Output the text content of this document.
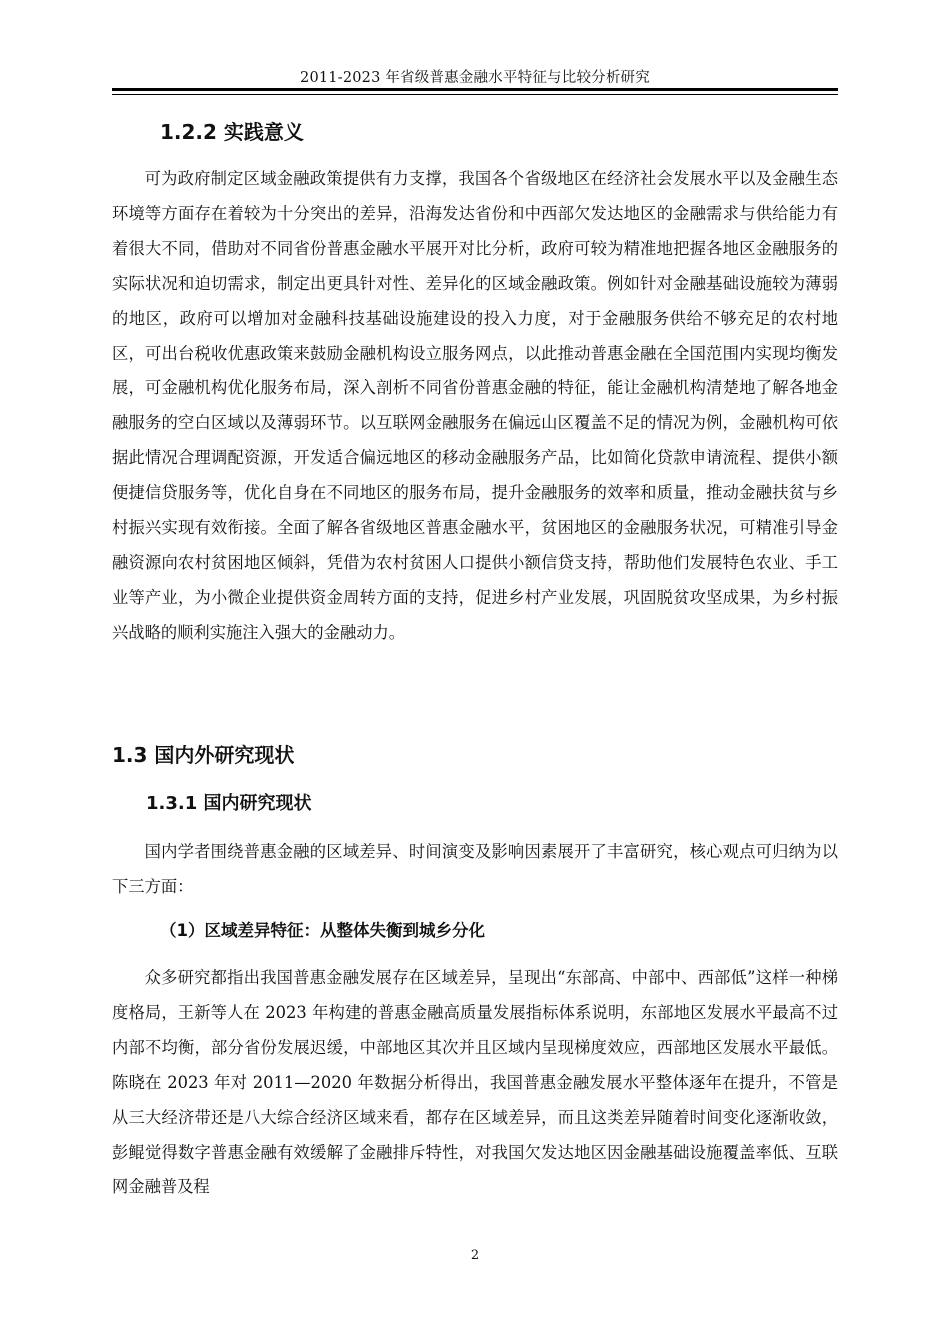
2011-2023 年省级普惠金融水平特征与比较分析研究
1.2.2 实践意义

可为政府制定区域金融政策提供有力支撑，我国各个省级地区在经济社会发展水平以及金融生态环境等方面存在着较为十分突出的差异，沿海发达省份和中西部欠发达地区的金融需求与供给能力有着很大不同，借助对不同省份普惠金融水平展开对比分析，政府可较为精准地把握各地区金融服务的实际状况和迫切需求，制定出更具针对性、差异化的区域金融政策。例如针对金融基础设施较为薄弱的地区，政府可以增加对金融科技基础设施建设的投入力度，对于金融服务供给不够充足的农村地区，可出台税收优惠政策来鼓励金融机构设立服务网点，以此推动普惠金融在全国范围内实现均衡发展，可金融机构优化服务布局，深入剖析不同省份普惠金融的特征，能让金融机构清楚地了解各地金融服务的空白区域以及薄弱环节。以互联网金融服务在偏远山区覆盖不足的情况为例，金融机构可依据此情况合理调配资源，开发适合偏远地区的移动金融服务产品，比如简化贷款申请流程、提供小额便捷信贷服务等，优化自身在不同地区的服务布局，提升金融服务的效率和质量，推动金融扶贫与乡村振兴实现有效衔接。全面了解各省级地区普惠金融水平，贫困地区的金融服务状况，可精准引导金融资源向农村贫困地区倾斜，凭借为农村贫困人口提供小额信贷支持，帮助他们发展特色农业、手工业等产业，为小微企业提供资金周转方面的支持，促进乡村产业发展，巩固脱贫攻坚成果，为乡村振兴战略的顺利实施注入强大的金融动力。

1.3 国内外研究现状
1.3.1 国内研究现状

国内学者围绕普惠金融的区域差异、时间演变及影响因素展开了丰富研究，核心观点可归纳为以下三方面：

（1）区域差异特征：从整体失衡到城乡分化

众多研究都指出我国普惠金融发展存在区域差异，呈现出“东部高、中部中、西部低”这样一种梯度格局，王新等人在 2023 年构建的普惠金融高质量发展指标体系说明，东部地区发展水平最高不过内部不均衡，部分省份发展迟缓，中部地区其次并且区域内呈现梯度效应，西部地区发展水平最低。陈晓在 2023 年对 2011—2020 年数据分析得出，我国普惠金融发展水平整体逐年在提升，不管是从三大经济带还是八大综合经济区域来看，都存在区域差异，而且这类差异随着时间变化逐渐收敛，彭鲲觉得数字普惠金融有效缓解了金融排斥特性，对我国欠发达地区因金融基础设施覆盖率低、互联网金融普及程

2
